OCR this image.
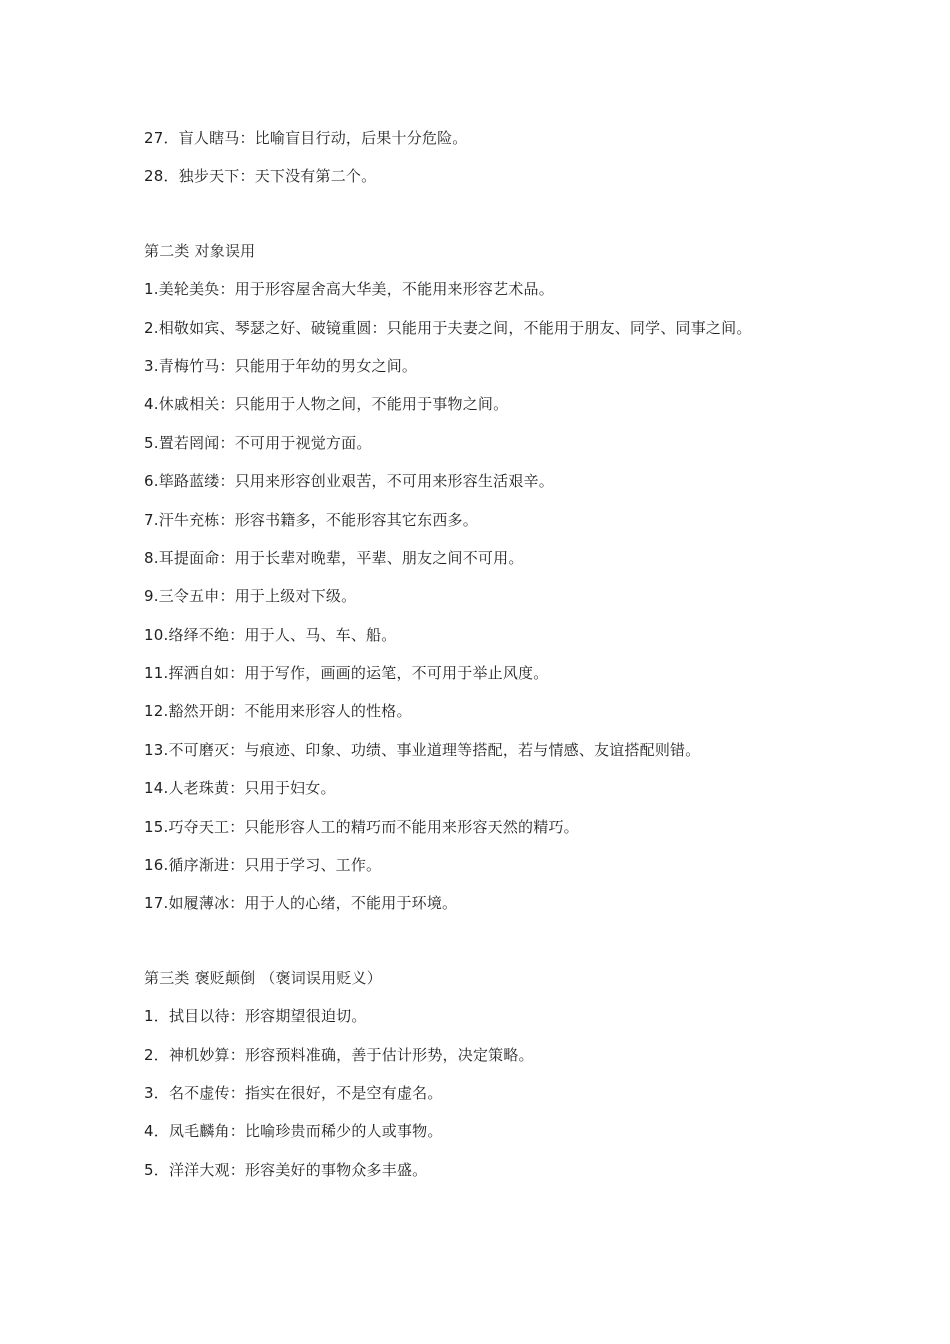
27．盲人瞎马：比喻盲目行动，后果十分危险。
28．独步天下：天下没有第二个。
第二类 对象误用
1.美轮美奂：用于形容屋舍高大华美，不能用来形容艺术品。
2.相敬如宾、琴瑟之好、破镜重圆：只能用于夫妻之间，不能用于朋友、同学、同事之间。
3.青梅竹马：只能用于年幼的男女之间。
4.休戚相关：只能用于人物之间，不能用于事物之间。
5.置若罔闻：不可用于视觉方面。
6.筚路蓝缕：只用来形容创业艰苦，不可用来形容生活艰辛。
7.汗牛充栋：形容书籍多，不能形容其它东西多。
8.耳提面命：用于长辈对晚辈，平辈、朋友之间不可用。
9.三令五申：用于上级对下级。
10.络绎不绝：用于人、马、车、船。
11.挥洒自如：用于写作，画画的运笔，不可用于举止风度。
12.豁然开朗：不能用来形容人的性格。
13.不可磨灭：与痕迹、印象、功绩、事业道理等搭配，若与情感、友谊搭配则错。
14.人老珠黄：只用于妇女。
15.巧夺天工：只能形容人工的精巧而不能用来形容天然的精巧。
16.循序渐进：只用于学习、工作。
17.如履薄冰：用于人的心绪，不能用于环境。
第三类 褒贬颠倒 （褒词误用贬义）
1．拭目以待：形容期望很迫切。
2．神机妙算：形容预料准确，善于估计形势，决定策略。
3．名不虚传：指实在很好，不是空有虚名。
4．凤毛麟角：比喻珍贵而稀少的人或事物。
5．洋洋大观：形容美好的事物众多丰盛。
